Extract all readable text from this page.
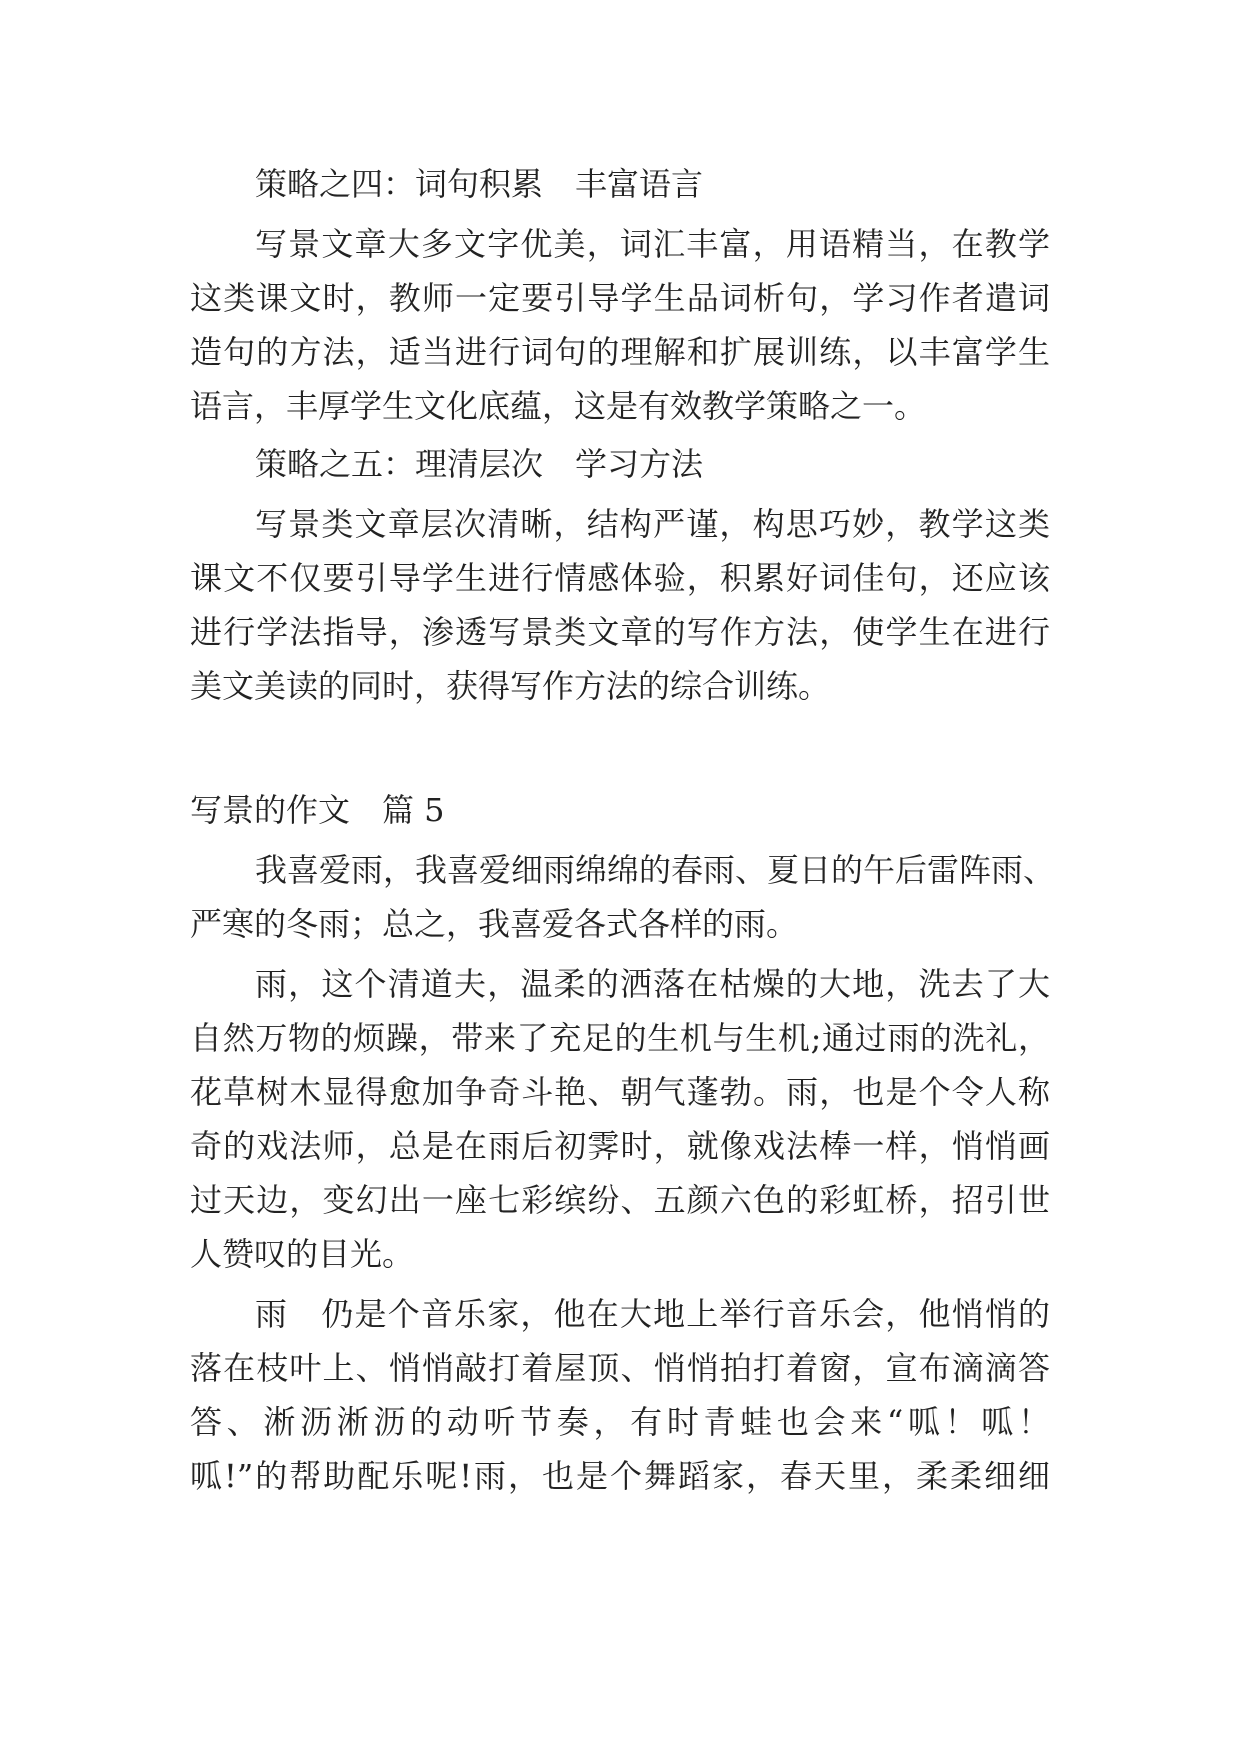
策略之四：词句积累　丰富语言
写景文章大多文字优美，词汇丰富，用语精当，在教学
这类课文时，教师一定要引导学生品词析句，学习作者遣词
造句的方法，适当进行词句的理解和扩展训练，以丰富学生
语言，丰厚学生文化底蕴，这是有效教学策略之一。
策略之五：理清层次　学习方法
写景类文章层次清晰，结构严谨，构思巧妙，教学这类
课文不仅要引导学生进行情感体验，积累好词佳句，还应该
进行学法指导，渗透写景类文章的写作方法，使学生在进行
美文美读的同时，获得写作方法的综合训练。
写景的作文　篇 5
我喜爱雨，我喜爱细雨绵绵的春雨、夏日的午后雷阵雨、
严寒的冬雨；总之，我喜爱各式各样的雨。
雨，这个清道夫，温柔的洒落在枯燥的大地，洗去了大
自然万物的烦躁，带来了充足的生机与生机;通过雨的洗礼，
花草树木显得愈加争奇斗艳、朝气蓬勃。雨，也是个令人称
奇的戏法师，总是在雨后初霁时，就像戏法棒一样，悄悄画
过天边，变幻出一座七彩缤纷、五颜六色的彩虹桥，招引世
人赞叹的目光。
雨　仍是个音乐家，他在大地上举行音乐会，他悄悄的
落在枝叶上、悄悄敲打着屋顶、悄悄拍打着窗，宣布滴滴答
答、淅沥淅沥的动听节奏，有时青蛙也会来“呱！呱！
呱!”的帮助配乐呢!雨，也是个舞蹈家，春天里，柔柔细细
